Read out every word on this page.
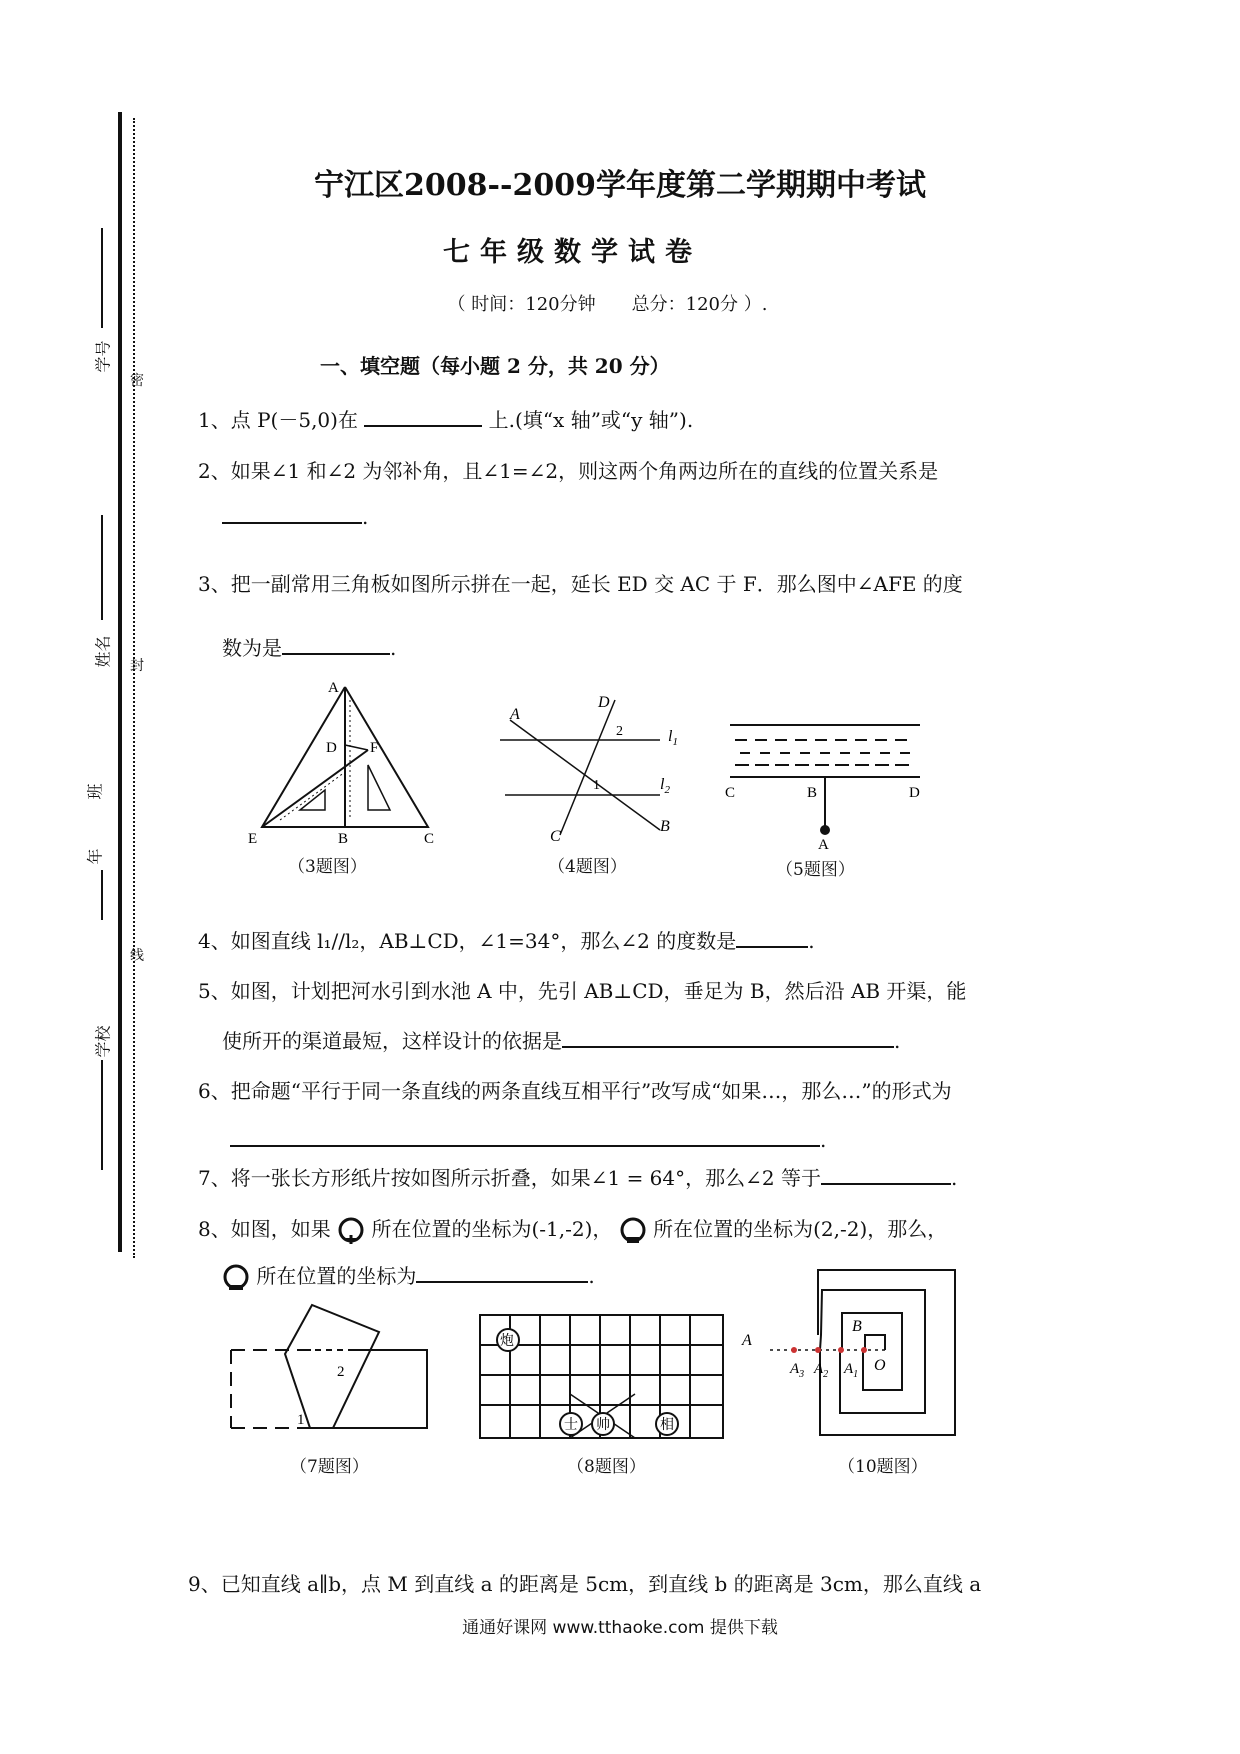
学号
姓名
班
年
学校
密
封
线
宁江区2008--2009学年度第二学期期中考试
七年级数学试卷
（ 时间：120分钟　　总分：120分 ）.
一、填空题（每小题 2 分，共 20 分）
1、点 P(－5,0)在	上.(填“x 轴”或“y 轴”).
2、如果∠1 和∠2 为邻补角，且∠1=∠2，则这两个角两边所在的直线的位置关系是
.
3、把一副常用三角板如图所示拼在一起，延长 ED 交 AC 于 F．那么图中∠AFE 的度
数为是	.
A
F
D
E	B	C
（3题图）
A
D
2
1
$l_1$
$l_2$
C
B
（4题图）
C	B	D
A
（5题图）
4、如图直线 l₁//l₂，AB⊥CD，∠1=34°，那么∠2 的度数是	.
5、如图，计划把河水引到水池 A 中，先引 AB⊥CD，垂足为 B，然后沿 AB 开渠，能
使所开的渠道最短，这样设计的依据是	.
6、把命题“平行于同一条直线的两条直线互相平行”改写成“如果…，那么…”的形式为
.
7、将一张长方形纸片按如图所示折叠，如果∠1 = 64°，那么∠2 等于	.
8、如图，如果 所在位置的坐标为(-1,-2)， 所在位置的坐标为(2,-2)，那么，
所在位置的坐标为	.
1
2
（7题图）
炮
士 帅	相
（8题图）
A
B
$A_3$ $A_2$ $A_1$
O
（10题图）
9、已知直线 a∥b，点 M 到直线 a 的距离是 5cm，到直线 b 的距离是 3cm，那么直线 a
通通好课网 www.tthaoke.com 提供下载
